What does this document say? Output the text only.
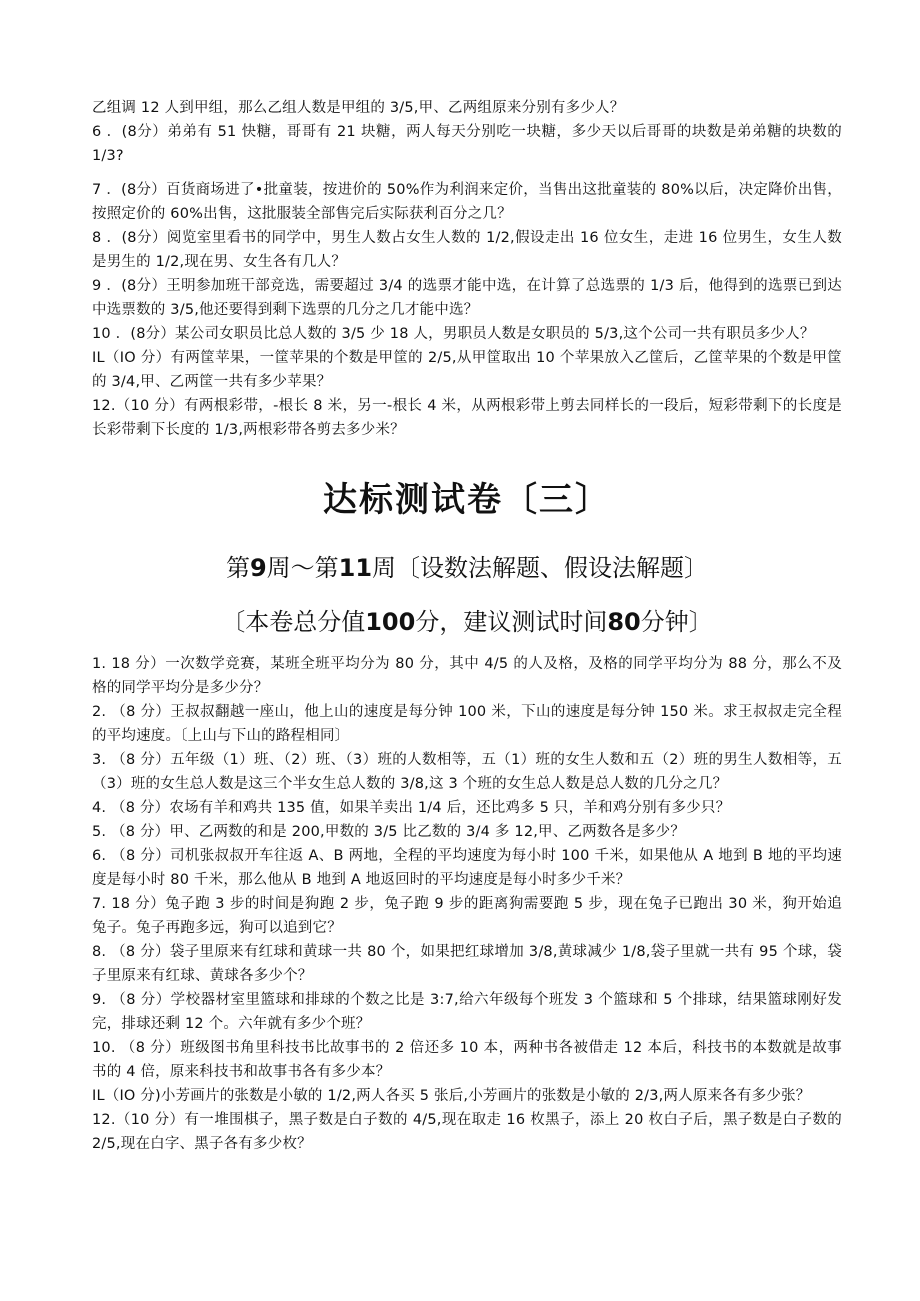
乙组调 12 人到甲组，那么乙组人数是甲组的 3/5,甲、乙两组原来分别有多少人？

6 ．(8分）弟弟有 51 快糖，哥哥有 21 块糖，两人每天分别吃一块糖，多少天以后哥哥的块数是弟弟糖的块数的 1/3?

7 ．(8分）百货商场进了•批童装，按进价的 50%作为利润来定价，当售出这批童装的 80%以后，决定降价出售，按照定价的 60%出售，这批服装全部售完后实际获利百分之几？

8 ．(8分）阅览室里看书的同学中，男生人数占女生人数的 1/2,假设走出 16 位女生，走进 16 位男生，女生人数是男生的 1/2,现在男、女生各有几人？

9 ．(8分）王明参加班干部竞选，需要超过 3/4 的选票才能中选，在计算了总选票的 1/3 后，他得到的选票已到达中选票数的 3/5,他还要得到剩下选票的几分之几才能中选？

10 ．(8分）某公司女职员比总人数的 3/5 少 18 人，男职员人数是女职员的 5/3,这个公司一共有职员多少人？

IL（IO 分）有两筐苹果，一筐苹果的个数是甲筐的 2/5,从甲筐取出 10 个苹果放入乙筐后，乙筐苹果的个数是甲筐的 3/4,甲、乙两筐一共有多少苹果？

12.（10 分）有两根彩带，-根长 8 米，另一-根长 4 米，从两根彩带上剪去同样长的一段后，短彩带剩下的长度是长彩带剩下长度的 1/3,两根彩带各剪去多少米？

达标测试卷〔三〕
第9周〜第11周〔设数法解题、假设法解题〕
〔本卷总分值100分，建议测试时间80分钟〕

1. 18 分）一次数学竞赛，某班全班平均分为 80 分，其中 4/5 的人及格，及格的同学平均分为 88 分，那么不及格的同学平均分是多少分？

2. （8 分）王叔叔翻越一座山，他上山的速度是每分钟 100 米，下山的速度是每分钟 150 米。求王叔叔走完全程的平均速度。〔上山与下山的路程相同〕

3. （8 分）五年级（1）班、（2）班、（3）班的人数相等，五（1）班的女生人数和五（2）班的男生人数相等，五（3）班的女生总人数是这三个半女生总人数的 3/8,这 3 个班的女生总人数是总人数的几分之几？

4. （8 分）农场有羊和鸡共 135 值，如果羊卖出 1/4 后，还比鸡多 5 只，羊和鸡分别有多少只？

5. （8 分）甲、乙两数的和是 200,甲数的 3/5 比乙数的 3/4 多 12,甲、乙两数各是多少？

6. （8 分）司机张叔叔开车往返 A、B 两地，全程的平均速度为每小时 100 千米，如果他从 A 地到 B 地的平均速度是每小时 80 千米，那么他从 B 地到 A 地返回时的平均速度是每小时多少千米？

7. 18 分）兔子跑 3 步的时间是狗跑 2 步，兔子跑 9 步的距离狗需要跑 5 步，现在兔子已跑出 30 米，狗开始追兔子。兔子再跑多远，狗可以追到它？

8. （8 分）袋子里原来有红球和黄球一共 80 个，如果把红球增加 3/8,黄球减少 1/8,袋子里就一共有 95 个球，袋子里原来有红球、黄球各多少个？

9. （8 分）学校器材室里篮球和排球的个数之比是 3:7,给六年级每个班发 3 个篮球和 5 个排球，结果篮球刚好发完，排球还剩 12 个。六年就有多少个班？

10. （8 分）班级图书角里科技书比故事书的 2 倍还多 10 本，两种书各被借走 12 本后，科技书的本数就是故事书的 4 倍，原来科技书和故事书各有多少本？

IL（IO 分)小芳画片的张数是小敏的 1/2,两人各买 5 张后,小芳画片的张数是小敏的 2/3,两人原来各有多少张？

12.（10 分）有一堆围棋子，黑子数是白子数的 4/5,现在取走 16 枚黑子，添上 20 枚白子后，黑子数是白子数的 2/5,现在白字、黑子各有多少枚？
